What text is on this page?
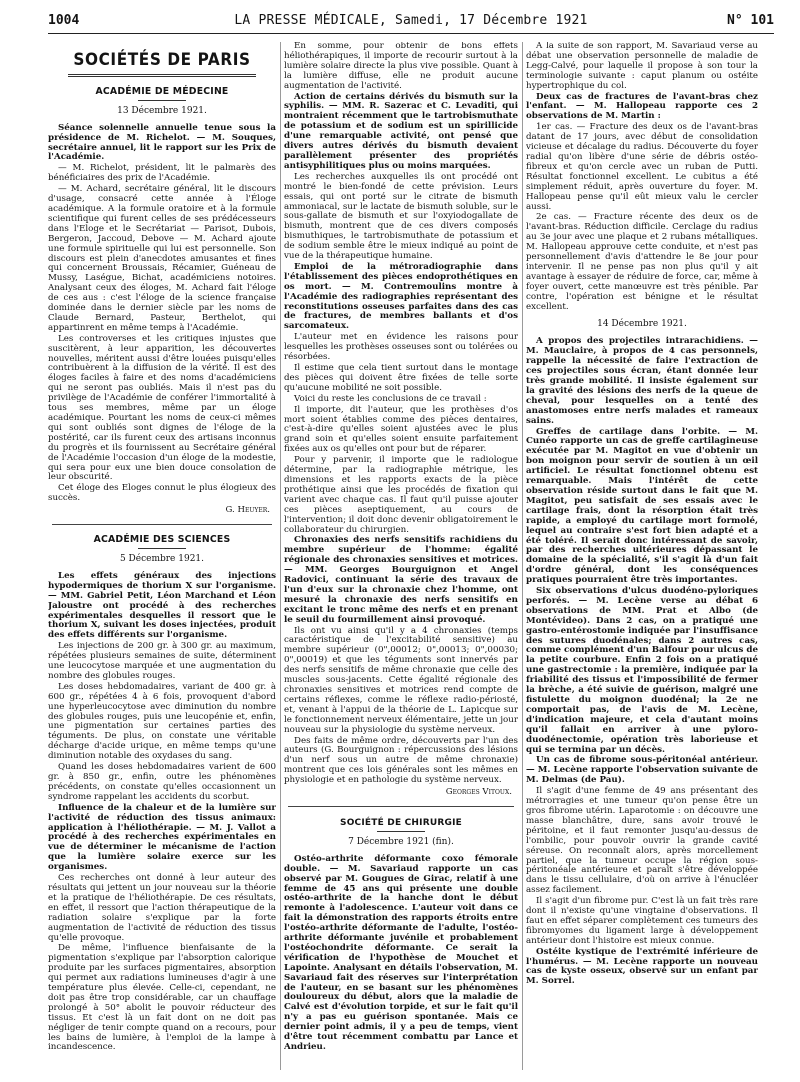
1004	LA PRESSE MÉDICALE, Samedi, 17 Décembre 1921	N° 101
SOCIÉTÉS DE PARIS
ACADÉMIE DE MÉDECINE
13 Décembre 1921.

Séance solennelle annuelle tenue sous la présidence de M. Richelot. — M. Souques, secrétaire annuel, lit le rapport sur les Prix de l'Académie.

— M. Richelot, président, lit le palmarès des bénéficiaires des prix de l'Académie.

— M. Achard, secrétaire général, lit le discours d'usage, consacré cette année à l'Éloge académique. A la formule oratoire et à la formule scientifique qui furent celles de ses prédécesseurs dans l'Eloge et le Secrétariat — Parisot, Dubois, Bergeron, Jaccoud, Debove — M. Achard ajoute une formule spirituelle qui lui est personnelle. Son discours est plein d'anecdotes amusantes et fines qui concernent Broussais, Récamier, Guéneau de Mussy, Laségue, Bichat, académiciens notoires. Analysant ceux des éloges, M. Achard fait l'éloge de ces aus : c'est l'éloge de la science française dominée dans le dernier siècle par les noms de Claude Bernard, Pasteur, Berthelot, qui appartinrent en même temps à l'Académie.

Les controverses et les critiques injustes que suscitèrent, à leur apparition, les découvertes nouvelles, méritent aussi d'être louées puisqu'elles contribuèrent à la diffusion de la vérité. Il est des éloges faciles à faire et des noms d'académiciens qui ne seront pas oubliés. Mais il n'est pas du privilège de l'Académie de conférer l'immortalité à tous ses membres, même par un éloge académique. Pourtant les noms de ceux-ci mêmes qui sont oubliés sont dignes de l'éloge de la postérité, car ils furent ceux des artisans inconnus du progrès et ils fournissent au Secrétaire général de l'Académie l'occasion d'un éloge de la modestie, qui sera pour eux une bien douce consolation de leur obscurité.

Cet éloge des Eloges connut le plus élogieux des succès.

G. Heuyer.
ACADÉMIE DES SCIENCES
5 Décembre 1921.

Les effets généraux des injections hypodermiques de thorium X sur l'organisme. — MM. Gabriel Petit, Léon Marchand et Léon Jaloustre ont procédé à des recherches expérimentales desquelles il ressort que le thorium X, suivant les doses injectées, produit des effets différents sur l'organisme.

Les injections de 200 gr. à 300 gr. au maximum, répétées plusieurs semaines de suite, déterminent une leucocytose marquée et une augmentation du nombre des globules rouges.

Les doses hebdomadaires, variant de 400 gr. à 600 gr., répétées 4 à 6 fois, provoquent d'abord une hyperleucocytose avec diminution du nombre des globules rouges, puis une leucopénie et, enfin, une pigmentation sur certaines parties des téguments. De plus, on constate une véritable décharge d'acide urique, en même temps qu'une diminution notable des oxydases du sang.

Quand les doses hebdomadaires varient de 600 gr. à 850 gr., enfin, outre les phénomènes précédents, on constate qu'elles occasionnent un syndrome rappelant les accidents du scorbut.

Influence de la chaleur et de la lumière sur l'activité de réduction des tissus animaux: application à l'héliothérapie. — M. J. Vallot a procédé à des recherches expérimentales en vue de déterminer le mécanisme de l'action que la lumière solaire exerce sur les organismes.

Ces recherches ont donné à leur auteur des résultats qui jettent un jour nouveau sur la théorie et la pratique de l'héliothérapie. De ces résultats, en effet, il ressort que l'action thérapeutique de la radiation solaire s'explique par la forte augmentation de l'activité de réduction des tissus qu'elle provoque.

De même, l'influence bienfaisante de la pigmentation s'explique par l'absorption calorique produite par les surfaces pigmentaires, absorption qui permet aux radiations lumineuses d'agir à une température plus élevée. Celle-ci, cependant, ne doit pas être trop considérable, car un chauffage prolongé à 50° abolit le pouvoir réducteur des tissus. Et c'est là un fait dont on ne doit pas négliger de tenir compte quand on a recours, pour les bains de lumière, à l'emploi de la lampe à incandescence.

En somme, pour obtenir de bons effets héliothérapiques, il importe de recourir surtout à la lumière solaire directe la plus vive possible. Quant à la lumière diffuse, elle ne produit aucune augmentation de l'activité.

Action de certains dérivés du bismuth sur la syphilis. — MM. R. Sazerac et C. Levaditi, qui montraient récemment que le tartrobismuthate de potassium et de sodium est un spirillicide d'une remarquable activité, ont pensé que divers autres dérivés du bismuth devaient parallèlement présenter des propriétés antisyphilitiques plus ou moins marquées.

Les recherches auxquelles ils ont procédé ont montré le bien-fondé de cette prévision. Leurs essais, qui ont porté sur le citrate de bismuth ammoniacal, sur le lactate de bismuth soluble, sur le sous-gallate de bismuth et sur l'oxyiodogallate de bismuth, montrent que de ces divers composés bismuthiques, le tartrobismuthate de potassium et de sodium semble être le mieux indiqué au point de vue de la thérapeutique humaine.

Emploi de la métroradiographie dans l'établissement des pièces endoprothétiques en os mort. — M. Contremoulins montre à l'Académie des radiographies représentant des reconstitutions osseuses parfaites dans des cas de fractures, de membres ballants et d'os sarcomateux.

L'auteur met en évidence les raisons pour lesquelles les prothèses osseuses sont ou tolérées ou résorbées.

Il estime que cela tient surtout dans le montage des pièces qui doivent être fixées de telle sorte qu'aucune mobilité ne soit possible.

Voici du reste les conclusions de ce travail :

Il importe, dit l'auteur, que les prothèses d'os mort soient établies comme des pièces dentaires, c'est-à-dire qu'elles soient ajustées avec le plus grand soin et qu'elles soient ensuite parfaitement fixées aux os qu'elles ont pour but de réparer.

Pour y parvenir, il importe que le radiologue détermine, par la radiographie métrique, les dimensions et les rapports exacts de la pièce prothétique ainsi que les procédés de fixation qui varient avec chaque cas. Il faut qu'il puisse ajouter ces pièces aseptiquement, au cours de l'intervention; il doit donc devenir obligatoirement le collaborateur du chirurgien.

Chronaxies des nerfs sensitifs rachidiens du membre supérieur de l'homme: égalité régionale des chronaxies sensitives et motrices. — MM. Georges Bourguignon et Angel Radovici, continuant la série des travaux de l'un d'eux sur la chronaxie chez l'homme, ont mesuré la chronaxie des nerfs sensitifs en excitant le tronc même des nerfs et en prenant le seuil du fourmillement ainsi provoqué.

Ils ont vu ainsi qu'il y a 4 chronaxies (temps caractéristique de l'excitabilité sensitive) au membre supérieur (0",00012; 0",00013; 0",00030; 0",00019) et que les téguments sont innervés par des nerfs sensitifs de même chronaxie que celle des muscles sous-jacents. Cette égalité régionale des chronaxies sensitives et motrices rend compte de certains réflexes, comme le réflexe radio-périosté, et, venant à l'appui de la théorie de L. Lapicque sur le fonctionnement nerveux élémentaire, jette un jour nouveau sur la physiologie du système nerveux.

Des faits de même ordre, découverts par l'un des auteurs (G. Bourguignon : répercussions des lésions d'un nerf sous un autre de même chronaxie) montrent que ces lois générales sont les mêmes en physiologie et en pathologie du système nerveux.

Georges Vitoux.
SOCIÉTÉ DE CHIRURGIE
7 Décembre 1921 (fin).

Ostéo-arthrite déformante coxo fémorale double. — M. Savariaud rapporte un cas observé par M. Gougues de Girac, relatif à une femme de 45 ans qui présente une double ostéo-arthrite de la hanche dont le début remonte à l'adolescence. L'auteur voit dans ce fait la démonstration des rapports étroits entre l'ostéo-arthrite déformante de l'adulte, l'ostéo-arthrite déformante juvénile et probablement l'ostéochondrite déformante. Ce serait la vérification de l'hypothèse de Mouchet et Lapointe. Analysant en détails l'observation, M. Savariaud fait des réserves sur l'interprétation de l'auteur, en se basant sur les phénomènes douloureux du début, alors que la maladie de Calvé est d'évolution torpide, et sur le fait qu'il n'y a pas eu guérison spontanée. Mais ce dernier point admis, il y a peu de temps, vient d'être tout récemment combattu par Lance et Andrieu.

A la suite de son rapport, M. Savariaud verse au débat une observation personnelle de maladie de Legg-Calvé, pour laquelle il propose à son tour la terminologie suivante : caput planum ou ostéite hypertrophique du col.

Deux cas de fractures de l'avant-bras chez l'enfant. — M. Hallopeau rapporte ces 2 observations de M. Martin :

1er cas. — Fracture des deux os de l'avant-bras datant de 17 jours, avec début de consolidation vicieuse et décalage du radius. Découverte du foyer radial qu'on libère d'une série de débris ostéo-fibreux et qu'on cercle avec un ruban de Putti. Résultat fonctionnel excellent. Le cubitus a été simplement réduit, après ouverture du foyer. M. Hallopeau pense qu'il eût mieux valu le cercler aussi.

2e cas. — Fracture récente des deux os de l'avant-bras. Réduction difficile. Cerclage du radius au 3e jour avec une plaque et 2 rubans métalliques. M. Hallopeau approuve cette conduite, et n'est pas personnellement d'avis d'attendre le 8e jour pour intervenir. Il ne pense pas non plus qu'il y ait avantage à essayer de réduire de force, car, même à foyer ouvert, cette manœuvre est très pénible. Par contre, l'opération est bénigne et le résultat excellent.

14 Décembre 1921.

A propos des projectiles intrarachidiens. — M. Mauclaire, à propos de 4 cas personnels, rappelle la nécessité de faire l'extraction de ces projectiles sous écran, étant donnée leur très grande mobilité. Il insiste également sur la gravité des lésions des nerfs de la queue de cheval, pour lesquelles on a tenté des anastomoses entre nerfs malades et rameaux sains.

Greffes de cartilage dans l'orbite. — M. Cunéo rapporte un cas de greffe cartilagineuse exécutée par M. Magitot en vue d'obtenir un bon moignon pour servir de soutien à un œil artificiel. Le résultat fonctionnel obtenu est remarquable. Mais l'intérêt de cette observation réside surtout dans le fait que M. Magitot, peu satisfait de ses essais avec le cartilage frais, dont la résorption était très rapide, a employé du cartilage mort formolé, lequel au contraire s'est fort bien adapté et a été toléré. Il serait donc intéressant de savoir, par des recherches ultérieures dépassant le domaine de la spécialité, s'il s'agit là d'un fait d'ordre général, dont les conséquences pratiques pourraient être très importantes.

Six observations d'ulcus duodéno-pyloriques perforés. — M. Lecène verse au débat 6 observations de MM. Prat et Albo (de Montévideo). Dans 2 cas, on a pratiqué une gastro-entérostomie indiquée par l'insuffisance des sutures duodénales; dans 2 autres cas, comme complément d'un Balfour pour ulcus de la petite courbure. Enfin 2 fois on a pratiqué une gastrectomie : la première, indiquée par la friabilité des tissus et l'impossibilité de fermer la brèche, a été suivie de guérison, malgré une fistulette du moignon duodénal; la 2e ne comportait pas, de l'avis de M. Lecène, d'indication majeure, et cela d'autant moins qu'il fallait en arriver à une pyloro-duodénectomie, opération très laborieuse et qui se termina par un décès.

Un cas de fibrome sous-péritonéal antérieur. — M. Lecène rapporte l'observation suivante de M. Delmas (de Pau).

Il s'agit d'une femme de 49 ans présentant des métrorragies et une tumeur qu'on pense être un gros fibrome utérin. Laparotomie : on découvre une masse blanchâtre, dure, sans avoir trouvé le péritoine, et il faut remonter jusqu'au-dessus de l'ombilic, pour pouvoir ouvrir la grande cavité séreuse. On reconnaît alors, après morcellement partiel, que la tumeur occupe la région sous-péritonéale antérieure et paraît s'être développée dans le tissu cellulaire, d'où on arrive à l'énucléer assez facilement.

Il s'agit d'un fibrome pur. C'est là un fait très rare dont il n'existe qu'une vingtaine d'observations. Il faut en effet séparer complètement ces tumeurs des fibromyomes du ligament large à développement antérieur dont l'histoire est mieux connue.

Ostéite kystique de l'extrémité inférieure de l'humérus. — M. Lecène rapporte un nouveau cas de kyste osseux, observé sur un enfant par M. Sorrel.
